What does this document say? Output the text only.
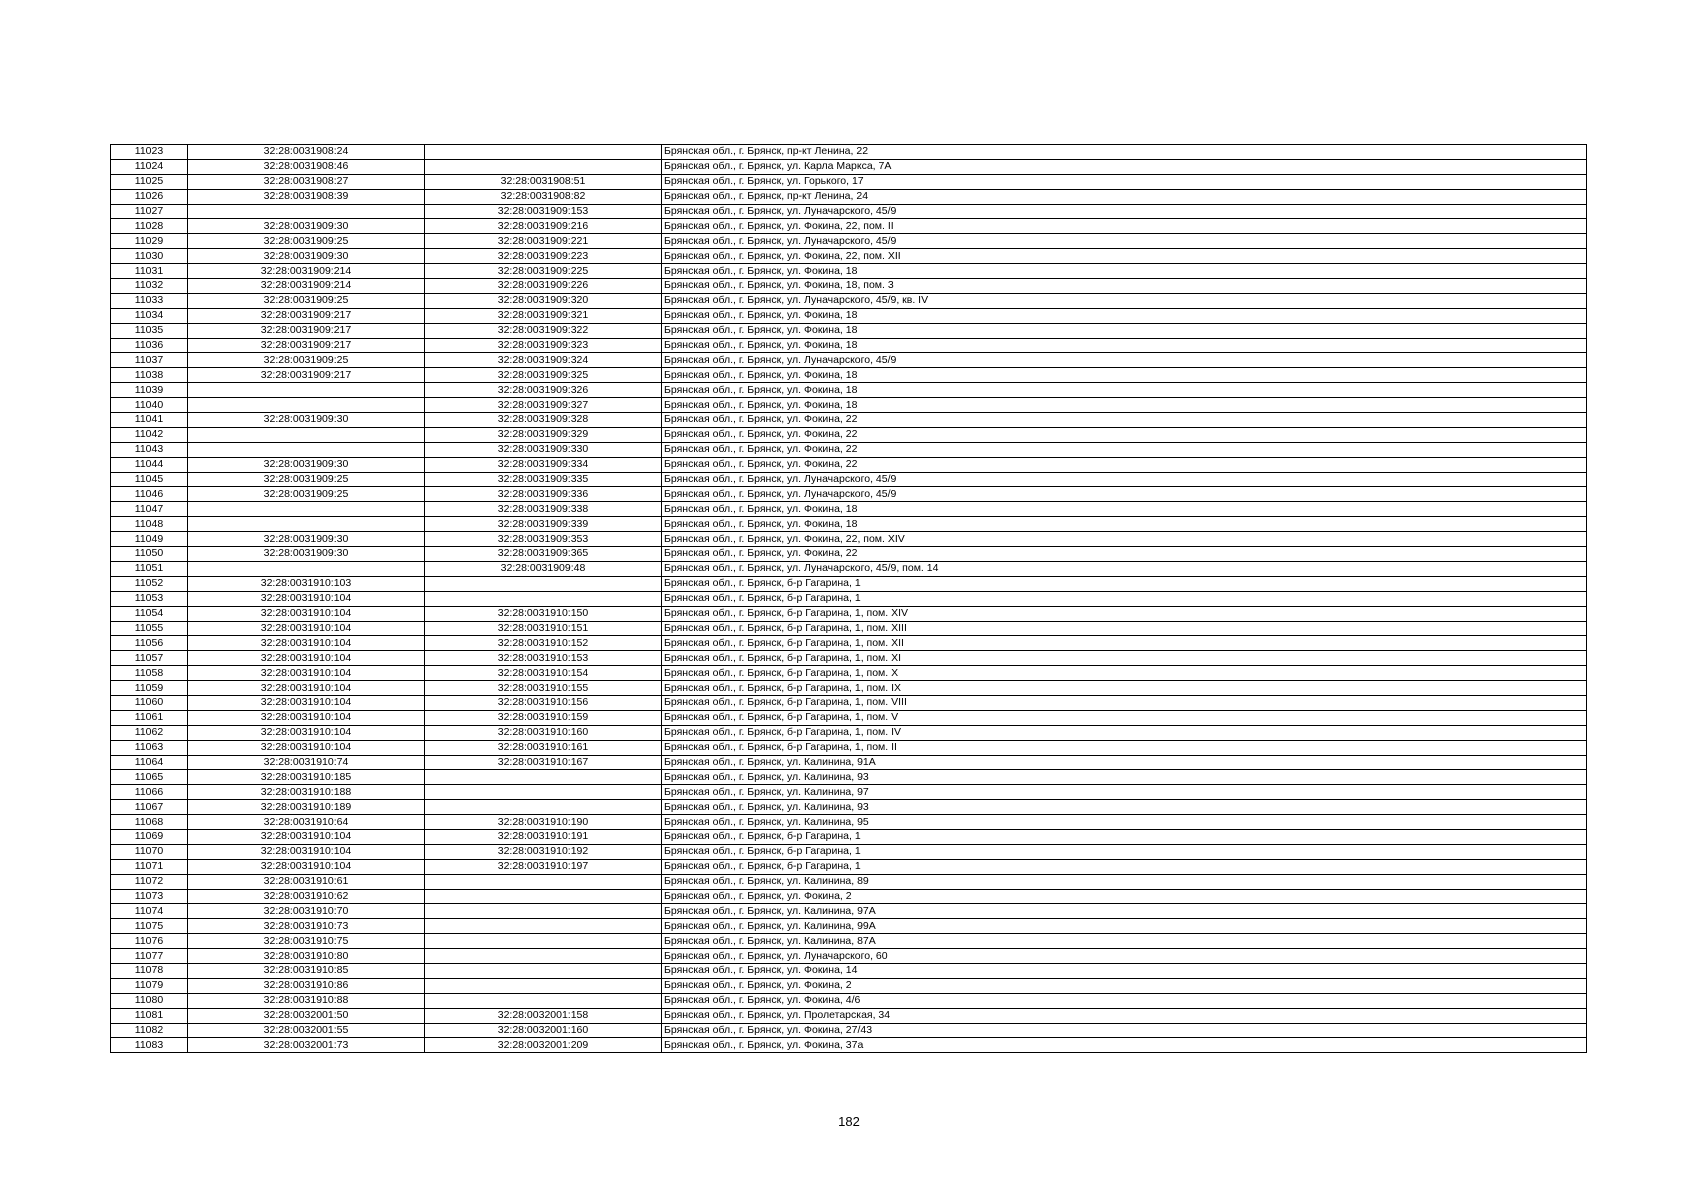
11023	32:28:0031908:24		Брянская обл., г. Брянск, пр-кт Ленина, 22
11024	32:28:0031908:46		Брянская обл., г. Брянск, ул. Карла Маркса, 7А
11025	32:28:0031908:27	32:28:0031908:51	Брянская обл., г. Брянск, ул. Горького, 17
11026	32:28:0031908:39	32:28:0031908:82	Брянская обл., г. Брянск, пр-кт Ленина, 24
11027		32:28:0031909:153	Брянская обл., г. Брянск, ул. Луначарского, 45/9
11028	32:28:0031909:30	32:28:0031909:216	Брянская обл., г. Брянск, ул. Фокина, 22, пом. II
11029	32:28:0031909:25	32:28:0031909:221	Брянская обл., г. Брянск, ул. Луначарского, 45/9
11030	32:28:0031909:30	32:28:0031909:223	Брянская обл., г. Брянск, ул. Фокина, 22, пом. XII
11031	32:28:0031909:214	32:28:0031909:225	Брянская обл., г. Брянск, ул. Фокина, 18
11032	32:28:0031909:214	32:28:0031909:226	Брянская обл., г. Брянск, ул. Фокина, 18, пом. 3
11033	32:28:0031909:25	32:28:0031909:320	Брянская обл., г. Брянск, ул. Луначарского, 45/9, кв. IV
11034	32:28:0031909:217	32:28:0031909:321	Брянская обл., г. Брянск, ул. Фокина, 18
11035	32:28:0031909:217	32:28:0031909:322	Брянская обл., г. Брянск, ул. Фокина, 18
11036	32:28:0031909:217	32:28:0031909:323	Брянская обл., г. Брянск, ул. Фокина, 18
11037	32:28:0031909:25	32:28:0031909:324	Брянская обл., г. Брянск, ул. Луначарского, 45/9
11038	32:28:0031909:217	32:28:0031909:325	Брянская обл., г. Брянск, ул. Фокина, 18
11039		32:28:0031909:326	Брянская обл., г. Брянск, ул. Фокина, 18
11040		32:28:0031909:327	Брянская обл., г. Брянск, ул. Фокина, 18
11041	32:28:0031909:30	32:28:0031909:328	Брянская обл., г. Брянск, ул. Фокина, 22
11042		32:28:0031909:329	Брянская обл., г. Брянск, ул. Фокина, 22
11043		32:28:0031909:330	Брянская обл., г. Брянск, ул. Фокина, 22
11044	32:28:0031909:30	32:28:0031909:334	Брянская обл., г. Брянск, ул. Фокина, 22
11045	32:28:0031909:25	32:28:0031909:335	Брянская обл., г. Брянск, ул. Луначарского, 45/9
11046	32:28:0031909:25	32:28:0031909:336	Брянская обл., г. Брянск, ул. Луначарского, 45/9
11047		32:28:0031909:338	Брянская обл., г. Брянск, ул. Фокина, 18
11048		32:28:0031909:339	Брянская обл., г. Брянск, ул. Фокина, 18
11049	32:28:0031909:30	32:28:0031909:353	Брянская обл., г. Брянск, ул. Фокина, 22, пом. XIV
11050	32:28:0031909:30	32:28:0031909:365	Брянская обл., г. Брянск, ул. Фокина, 22
11051		32:28:0031909:48	Брянская обл., г. Брянск, ул. Луначарского, 45/9, пом. 14
11052	32:28:0031910:103		Брянская обл., г. Брянск, б-р Гагарина, 1
11053	32:28:0031910:104		Брянская обл., г. Брянск, б-р Гагарина, 1
11054	32:28:0031910:104	32:28:0031910:150	Брянская обл., г. Брянск, б-р Гагарина, 1, пом. XIV
11055	32:28:0031910:104	32:28:0031910:151	Брянская обл., г. Брянск, б-р Гагарина, 1, пом. XIII
11056	32:28:0031910:104	32:28:0031910:152	Брянская обл., г. Брянск, б-р Гагарина, 1, пом. XII
11057	32:28:0031910:104	32:28:0031910:153	Брянская обл., г. Брянск, б-р Гагарина, 1, пом. XI
11058	32:28:0031910:104	32:28:0031910:154	Брянская обл., г. Брянск, б-р Гагарина, 1, пом. X
11059	32:28:0031910:104	32:28:0031910:155	Брянская обл., г. Брянск, б-р Гагарина, 1, пом. IX
11060	32:28:0031910:104	32:28:0031910:156	Брянская обл., г. Брянск, б-р Гагарина, 1, пом. VIII
11061	32:28:0031910:104	32:28:0031910:159	Брянская обл., г. Брянск, б-р Гагарина, 1, пом. V
11062	32:28:0031910:104	32:28:0031910:160	Брянская обл., г. Брянск, б-р Гагарина, 1, пом. IV
11063	32:28:0031910:104	32:28:0031910:161	Брянская обл., г. Брянск, б-р Гагарина, 1, пом. II
11064	32:28:0031910:74	32:28:0031910:167	Брянская обл., г. Брянск, ул. Калинина, 91А
11065	32:28:0031910:185		Брянская обл., г. Брянск, ул. Калинина, 93
11066	32:28:0031910:188		Брянская обл., г. Брянск, ул. Калинина, 97
11067	32:28:0031910:189		Брянская обл., г. Брянск, ул. Калинина, 93
11068	32:28:0031910:64	32:28:0031910:190	Брянская обл., г. Брянск, ул. Калинина, 95
11069	32:28:0031910:104	32:28:0031910:191	Брянская обл., г. Брянск, б-р Гагарина, 1
11070	32:28:0031910:104	32:28:0031910:192	Брянская обл., г. Брянск, б-р Гагарина, 1
11071	32:28:0031910:104	32:28:0031910:197	Брянская обл., г. Брянск, б-р Гагарина, 1
11072	32:28:0031910:61		Брянская обл., г. Брянск, ул. Калинина, 89
11073	32:28:0031910:62		Брянская обл., г. Брянск, ул. Фокина, 2
11074	32:28:0031910:70		Брянская обл., г. Брянск, ул. Калинина, 97А
11075	32:28:0031910:73		Брянская обл., г. Брянск, ул. Калинина, 99А
11076	32:28:0031910:75		Брянская обл., г. Брянск, ул. Калинина, 87А
11077	32:28:0031910:80		Брянская обл., г. Брянск, ул. Луначарского, 60
11078	32:28:0031910:85		Брянская обл., г. Брянск, ул. Фокина, 14
11079	32:28:0031910:86		Брянская обл., г. Брянск, ул. Фокина, 2
11080	32:28:0031910:88		Брянская обл., г. Брянск, ул. Фокина, 4/6
11081	32:28:0032001:50	32:28:0032001:158	Брянская обл., г. Брянск, ул. Пролетарская, 34
11082	32:28:0032001:55	32:28:0032001:160	Брянская обл., г. Брянск, ул. Фокина, 27/43
11083	32:28:0032001:73	32:28:0032001:209	Брянская обл., г. Брянск, ул. Фокина, 37а
182
